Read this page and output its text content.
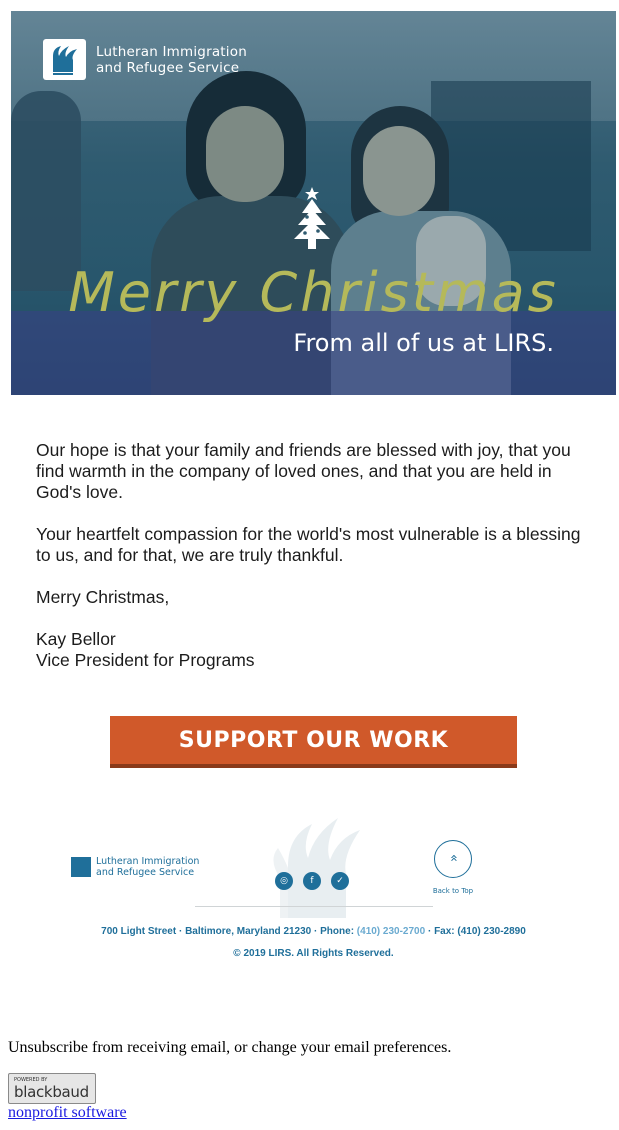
Lutheran Immigration
and Refugee Service
Merry Christmas
From all of us at LIRS.

Our hope is that your family and friends are blessed with joy, that you find warmth in the company of loved ones, and that you are held in God's love.

Your heartfelt compassion for the world's most vulnerable is a blessing to us, and for that, we are truly thankful.

Merry Christmas,

Kay Bellor
Vice President for Programs
SUPPORT OUR WORK
Lutheran Immigration
and Refugee Service
◎	f	✓
«
Back to Top
700 Light Street · Baltimore, Maryland 21230 · Phone: (410) 230-2700 · Fax: (410) 230-2890
© 2019 LIRS. All Rights Reserved.
Unsubscribe from receiving email, or change your email preferences.
POWERED BY
blackbaud
nonprofit software
